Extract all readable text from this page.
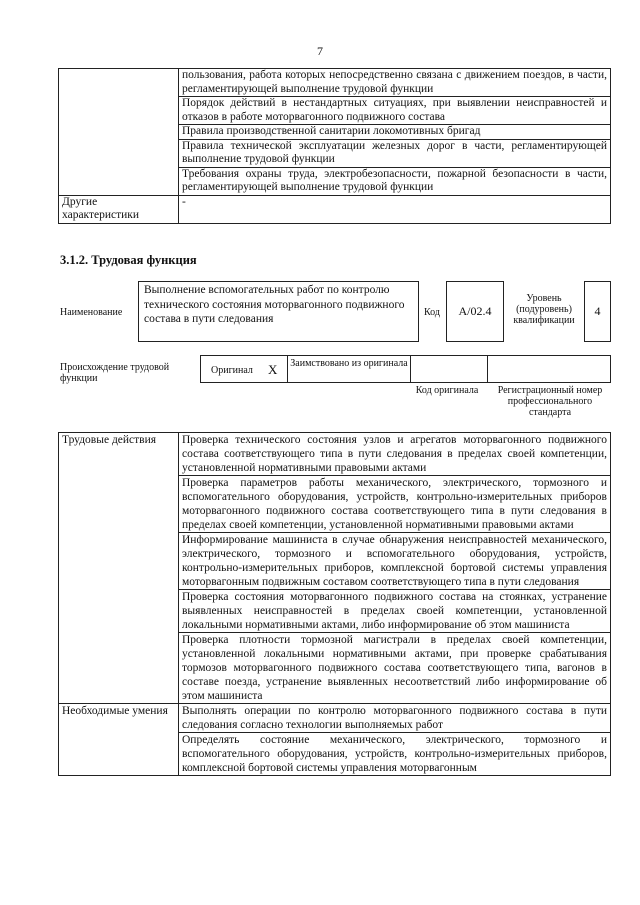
7
	пользования, работа которых непосредственно связана с движением поездов, в части, регламентирующей выполнение трудовой функции
	Порядок действий в нестандартных ситуациях, при выявлении неисправностей и отказов в работе моторвагонного подвижного состава
	Правила производственной санитарии локомотивных бригад
	Правила технической эксплуатации железных дорог в части, регламентирующей выполнение трудовой функции
	Требования охраны труда, электробезопасности, пожарной безопасности в части, регламентирующей выполнение трудовой функции
Другие характеристики	-
3.1.2. Трудовая функция
Наименование
Выполнение вспомогательных работ по контролю технического состояния моторвагонного подвижного состава в пути следования
Код	А/02.4
Уровень (подуровень) квалификации
4
Происхождение трудовой функции
Оригинал X Заимствовано из оригинала
Код оригинала	Регистрационный номер профессионального стандарта
Трудовые действия	Проверка технического состояния узлов и агрегатов моторвагонного подвижного состава соответствующего типа в пути следования в пределах своей компетенции, установленной нормативными правовыми актами
	Проверка параметров работы механического, электрического, тормозного и вспомогательного оборудования, устройств, контрольно-измерительных приборов моторвагонного подвижного состава соответствующего типа в пути следования в пределах своей компетенции, установленной нормативными правовыми актами
	Информирование машиниста в случае обнаружения неисправностей механического, электрического, тормозного и вспомогательного оборудования, устройств, контрольно-измерительных приборов, комплексной бортовой системы управления моторвагонным подвижным составом соответствующего типа в пути следования
	Проверка состояния моторвагонного подвижного состава на стоянках, устранение выявленных неисправностей в пределах своей компетенции, установленной локальными нормативными актами, либо информирование об этом машиниста
	Проверка плотности тормозной магистрали в пределах своей компетенции, установленной локальными нормативными актами, при проверке срабатывания тормозов моторвагонного подвижного состава соответствующего типа, вагонов в составе поезда, устранение выявленных несоответствий либо информирование об этом машиниста
Необходимые умения	Выполнять операции по контролю моторвагонного подвижного состава в пути следования согласно технологии выполняемых работ
	Определять состояние механического, электрического, тормозного и вспомогательного оборудования, устройств, контрольно-измерительных приборов, комплексной бортовой системы управления моторвагонным
